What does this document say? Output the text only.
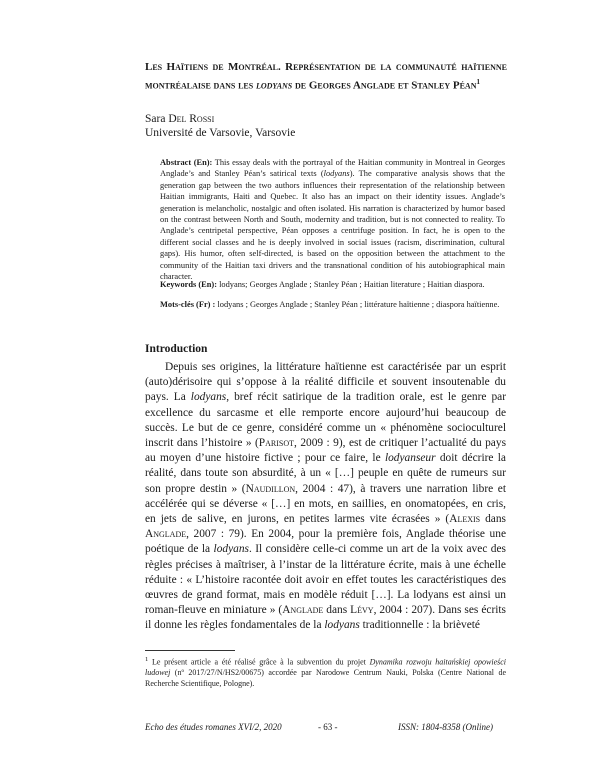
Les Haïtiens de Montréal. Représentation de la communauté haïtienne montréalaise dans les lodyans de Georges Anglade et Stanley Péan$^1$
Sara Del Rossi
Université de Varsovie, Varsovie
Abstract (En): This essay deals with the portrayal of the Haitian community in Montreal in Georges Anglade’s and Stanley Péan’s satirical texts (lodyans). The comparative analysis shows that the generation gap between the two authors influences their representation of the relationship between Haitian immigrants, Haiti and Quebec. It also has an impact on their identity issues. Anglade’s generation is melancholic, nostalgic and often isolated. His narration is characterized by humor based on the contrast between North and South, modernity and tradition, but is not connected to reality. To Anglade’s centripetal perspective, Péan opposes a centrifuge position. In fact, he is open to the different social classes and he is deeply involved in social issues (racism, discrimination, cultural gaps). His humor, often self-directed, is based on the opposition between the attachment to the community of the Haitian taxi drivers and the transnational condition of his autobiographical main character.
Keywords (En): lodyans; Georges Anglade ; Stanley Péan ; Haitian literature ; Haitian diaspora.
Mots-clés (Fr) : lodyans ; Georges Anglade ; Stanley Péan ; littérature haïtienne ; diaspora haïtienne.
Introduction

Depuis ses origines, la littérature haïtienne est caractérisée par un esprit (auto)dérisoire qui s’oppose à la réalité difficile et souvent insoutenable du pays. La lodyans, bref récit satirique de la tradition orale, est le genre par excellence du sarcasme et elle remporte encore aujourd’hui beaucoup de succès. Le but de ce genre, considéré comme un « phénomène socioculturel inscrit dans l’histoire » (Parisot, 2009 : 9), est de critiquer l’actualité du pays au moyen d’une histoire fictive ; pour ce faire, le lodyanseur doit décrire la réalité, dans toute son absurdité, à un « […] peuple en quête de rumeurs sur son propre destin » (Naudillon, 2004 : 47), à travers une narration libre et accélérée qui se déverse « […] en mots, en saillies, en onomatopées, en cris, en jets de salive, en jurons, en petites larmes vite écrasées » (Alexis dans Anglade, 2007 : 79). En 2004, pour la première fois, Anglade théorise une poétique de la lodyans. Il considère celle-ci comme un art de la voix avec des règles précises à maîtriser, à l’instar de la littérature écrite, mais à une échelle réduite : « L’histoire racontée doit avoir en effet toutes les caractéristiques des œuvres de grand format, mais en modèle réduit […]. La lodyans est ainsi un roman-fleuve en miniature » (Anglade dans Lévy, 2004 : 207). Dans ses écrits il donne les règles fondamentales de la lodyans traditionnelle : la brièveté

$^1$ Le présent article a été réalisé grâce à la subvention du projet Dynamika rozwoju haitańskiej opowieści ludowej (nº 2017/27/N/HS2/00675) accordée par Narodowe Centrum Nauki, Polska (Centre National de Recherche Scientifique, Pologne).
Echo des études romanes XVI/2, 2020	- 63 -	ISSN: 1804-8358 (Online)
